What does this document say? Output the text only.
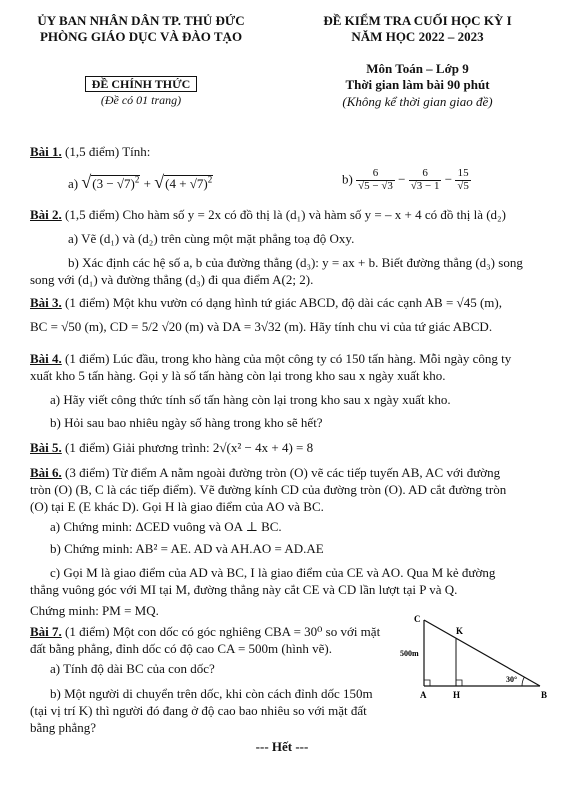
ỦY BAN NHÂN DÂN TP. THỦ ĐỨC
PHÒNG GIÁO DỤC VÀ ĐÀO TẠO
ĐỀ CHÍNH THỨC
(Đề có 01 trang)
ĐỀ KIỂM TRA CUỐI HỌC KỲ I
NĂM HỌC 2022 – 2023
Môn Toán – Lớp 9
Thời gian làm bài 90 phút
(Không kể thời gian giao đề)
Bài 1. (1,5 điểm) Tính:
a) $√(3 - √7)^2 + √(4 + √7)^2$	$b) \frac{6}{√5 - √3} - \frac{6}{√3 - 1} - \frac{15}{√5}$
Bài 2. (1,5 điểm) Cho hàm số y = 2x có đồ thị là (d₁) và hàm số y = – x + 4 có đồ thị là (d₂)
a) Vẽ (d₁) và (d₂) trên cùng một mặt phẳng toạ độ Oxy.
b) Xác định các hệ số a, b của đường thẳng (d₃): y = ax + b. Biết đường thẳng (d₃) song
song với (d₁) và đường thẳng (d₃) đi qua điểm A(2; 2).
Bài 3. (1 điểm) Một khu vườn có dạng hình tứ giác ABCD, độ dài các cạnh AB = √45 (m),
BC = √50 (m), CD = 5/2 √20 (m) và DA = 3√32 (m). Hãy tính chu vi của tứ giác ABCD.
Bài 4. (1 điểm) Lúc đầu, trong kho hàng của một công ty có 150 tấn hàng. Mỗi ngày công ty
xuất kho 5 tấn hàng. Gọi y là số tấn hàng còn lại trong kho sau x ngày xuất kho.
a) Hãy viết công thức tính số tấn hàng còn lại trong kho sau x ngày xuất kho.
b) Hỏi sau bao nhiêu ngày số hàng trong kho sẽ hết?
Bài 5. (1 điểm) Giải phương trình: 2√(x² − 4x + 4) = 8
Bài 6. (3 điểm) Từ điểm A nằm ngoài đường tròn (O) vẽ các tiếp tuyến AB, AC với đường
tròn (O) (B, C là các tiếp điểm). Vẽ đường kính CD của đường tròn (O). AD cắt đường tròn
(O) tại E (E khác D). Gọi H là giao điểm của AO và BC.
a) Chứng minh: ΔCED vuông và OA ⊥ BC.
b) Chứng minh: AB² = AE. AD và AH.AO = AD.AE
c) Gọi M là giao điểm của AD và BC, I là giao điểm của CE và AO. Qua M kẻ đường
thẳng vuông góc với MI tại M, đường thẳng này cắt CE và CD lần lượt tại P và Q.
Chứng minh: PM = MQ.
Bài 7. (1 điểm) Một con dốc có góc nghiêng CBA = 30⁰ so với mặt
đất bằng phẳng, đỉnh dốc có độ cao CA = 500m (hình vẽ).
a) Tính độ dài BC của con dốc?
b) Một người di chuyển trên dốc, khi còn cách đỉnh dốc 150m
(tại vị trí K) thì người đó đang ở độ cao bao nhiêu so với mặt đất
bằng phẳng?
C
K
A	H	B
500m
30°
--- Hết ---
